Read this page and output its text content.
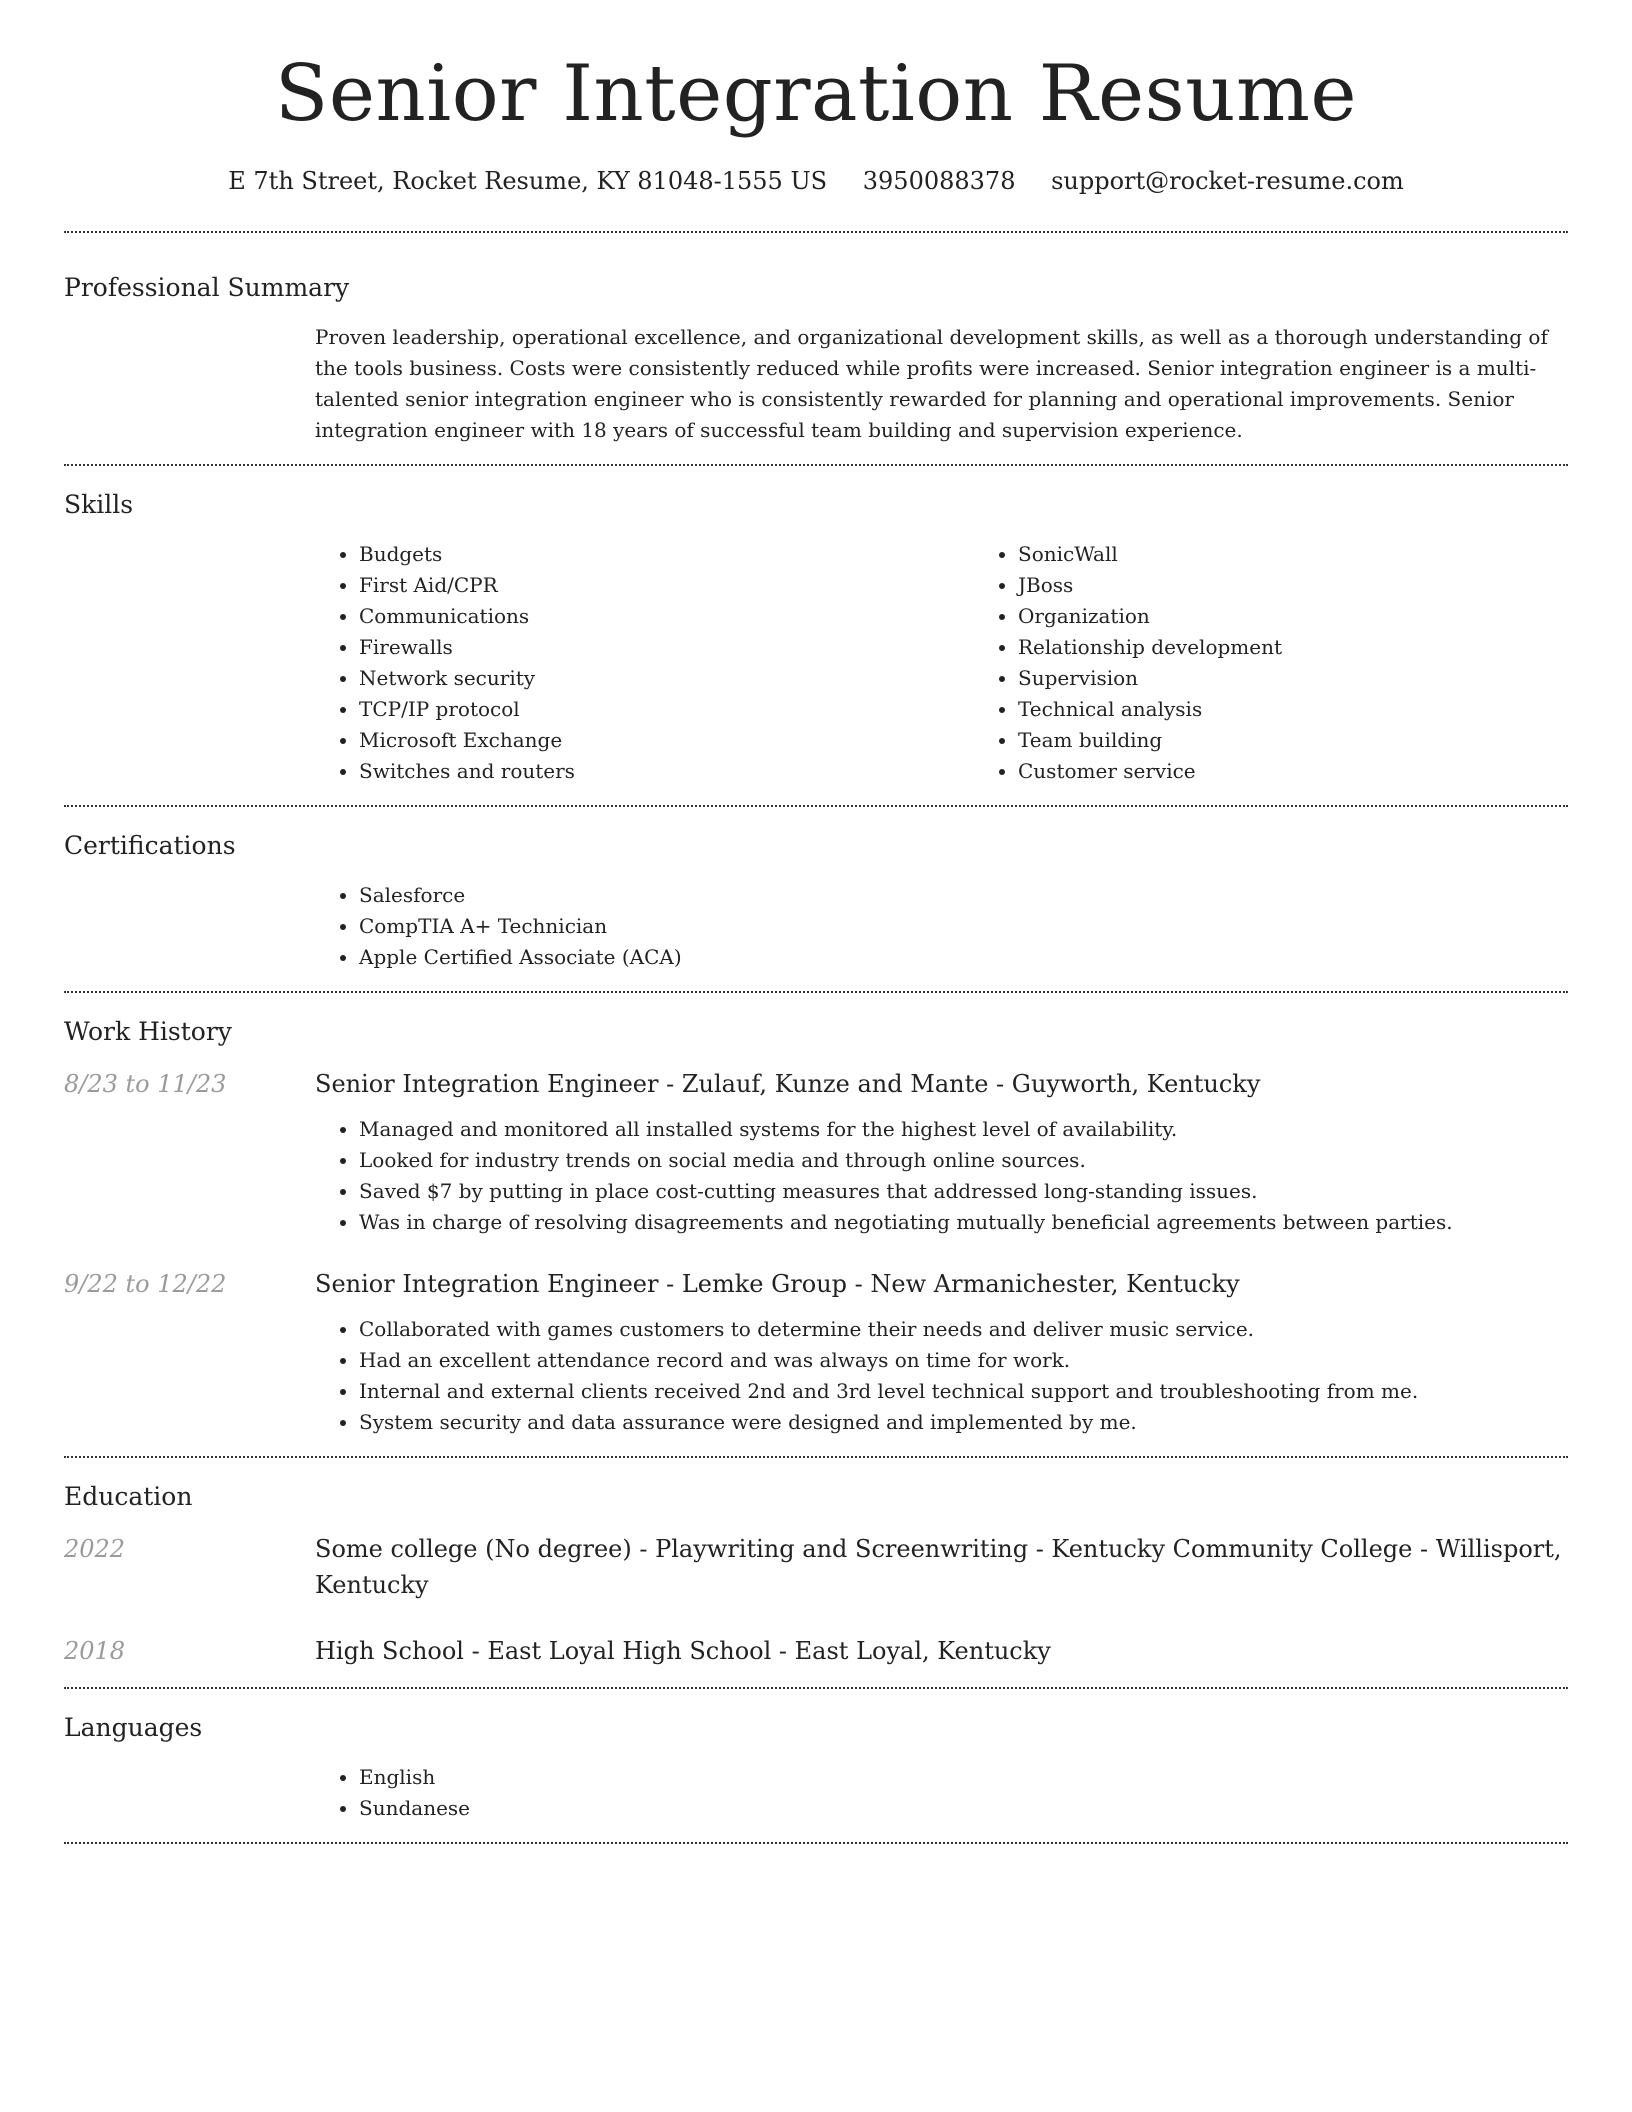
Senior Integration Resume
E 7th Street, Rocket Resume, KY 81048-1555 US 3950088378 support@rocket-resume.com
Professional Summary

Proven leadership, operational excellence, and organizational development skills, as well as a thorough understanding of the tools business. Costs were consistently reduced while profits were increased. Senior integration engineer is a multi-talented senior integration engineer who is consistently rewarded for planning and operational improvements. Senior integration engineer with 18 years of successful team building and supervision experience.

Skills
• Budgets
• First Aid/CPR
• Communications
• Firewalls
• Network security
• TCP/IP protocol
• Microsoft Exchange
• Switches and routers
• SonicWall
• JBoss
• Organization
• Relationship development
• Supervision
• Technical analysis
• Team building
• Customer service
Certifications
• Salesforce
• CompTIA A+ Technician
• Apple Certified Associate (ACA)
Work History
8/23 to 11/23	Senior Integration Engineer - Zulauf, Kunze and Mante - Guyworth, Kentucky
• Managed and monitored all installed systems for the highest level of availability.
• Looked for industry trends on social media and through online sources.
• Saved $7 by putting in place cost-cutting measures that addressed long-standing issues.
• Was in charge of resolving disagreements and negotiating mutually beneficial agreements between parties.
9/22 to 12/22	Senior Integration Engineer - Lemke Group - New Armanichester, Kentucky
• Collaborated with games customers to determine their needs and deliver music service.
• Had an excellent attendance record and was always on time for work.
• Internal and external clients received 2nd and 3rd level technical support and troubleshooting from me.
• System security and data assurance were designed and implemented by me.
Education
2022	Some college (No degree) - Playwriting and Screenwriting - Kentucky Community College - Willisport, Kentucky
2018	High School - East Loyal High School - East Loyal, Kentucky
Languages
• English
• Sundanese
